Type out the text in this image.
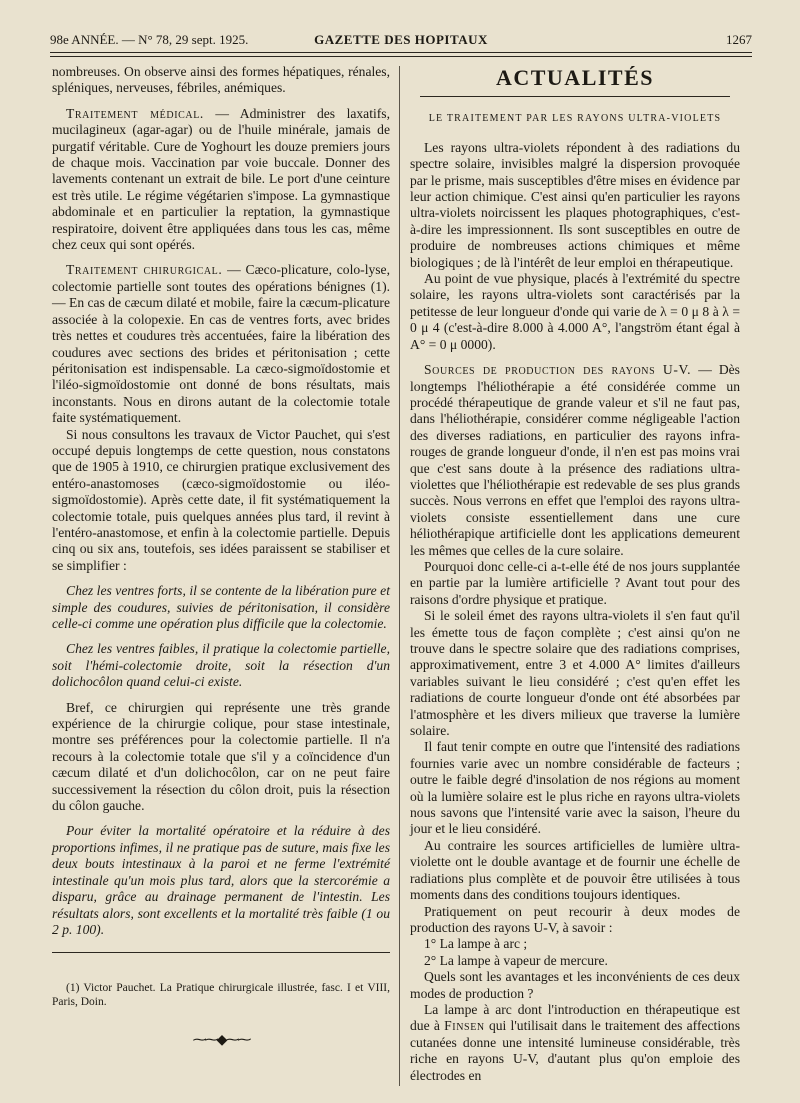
98e ANNÉE. — N° 78, 29 sept. 1925.	GAZETTE DES HOPITAUX	1267

nombreuses. On observe ainsi des formes hépatiques, rénales, spléniques, nerveuses, fébriles, anémiques.

Traitement médical. — Administrer des laxatifs, mucilagineux (agar-agar) ou de l'huile minérale, jamais de purgatif véritable. Cure de Yoghourt les douze premiers jours de chaque mois. Vaccination par voie buccale. Donner des lavements contenant un extrait de bile. Le port d'une ceinture est très utile. Le régime végétarien s'impose. La gymnastique abdominale et en particulier la reptation, la gymnastique respiratoire, doivent être appliquées dans tous les cas, même chez ceux qui sont opérés.

Traitement chirurgical. — Cæco-plicature, colo-lyse, colectomie partielle sont toutes des opérations bénignes (1). — En cas de cæcum dilaté et mobile, faire la cæcum-plicature associée à la colopexie. En cas de ventres forts, avec brides très nettes et coudures très accentuées, faire la libération des coudures avec sections des brides et péritonisation ; cette péritonisation est indispensable. La cæco-sigmoïdostomie et l'iléo-sigmoïdostomie ont donné de bons résultats, mais inconstants. Nous en dirons autant de la colectomie totale faite systématiquement.

Si nous consultons les travaux de Victor Pauchet, qui s'est occupé depuis longtemps de cette question, nous constatons que de 1905 à 1910, ce chirurgien pratique exclusivement des entéro-anastomoses (cæco-sigmoïdostomie ou iléo-sigmoïdostomie). Après cette date, il fit systématiquement la colectomie totale, puis quelques années plus tard, il revint à l'entéro-anastomose, et enfin à la colectomie partielle. Depuis cinq ou six ans, toutefois, ses idées paraissent se stabiliser et se simplifier :

Chez les ventres forts, il se contente de la libération pure et simple des coudures, suivies de péritonisation, il considère celle-ci comme une opération plus difficile que la colectomie.

Chez les ventres faibles, il pratique la colectomie partielle, soit l'hémi-colectomie droite, soit la résection d'un dolichocôlon quand celui-ci existe.

Bref, ce chirurgien qui représente une très grande expérience de la chirurgie colique, pour stase intestinale, montre ses préférences pour la colectomie partielle. Il n'a recours à la colectomie totale que s'il y a coïncidence d'un cæcum dilaté et d'un dolichocôlon, car on ne peut faire successivement la résection du côlon droit, puis la résection du côlon gauche.

Pour éviter la mortalité opératoire et la réduire à des proportions infimes, il ne pratique pas de suture, mais fixe les deux bouts intestinaux à la paroi et ne ferme l'extrémité intestinale qu'un mois plus tard, alors que la stercorémie a disparu, grâce au drainage permanent de l'intestin. Les résultats alors, sont excellents et la mortalité très faible (1 ou 2 p. 100).

(1) Victor Pauchet. La Pratique chirurgicale illustrée, fasc. I et VIII, Paris, Doin.

⁓⁓◆⁓⁓
ACTUALITÉS
LE TRAITEMENT PAR LES RAYONS ULTRA-VIOLETS

Les rayons ultra-violets répondent à des radiations du spectre solaire, invisibles malgré la dispersion provoquée par le prisme, mais susceptibles d'être mises en évidence par leur action chimique. C'est ainsi qu'en particulier les rayons ultra-violets noircissent les plaques photographiques, c'est-à-dire les impressionnent. Ils sont susceptibles en outre de produire de nombreuses actions chimiques et même biologiques ; de là l'intérêt de leur emploi en thérapeutique.

Au point de vue physique, placés à l'extrémité du spectre solaire, les rayons ultra-violets sont caractérisés par la petitesse de leur longueur d'onde qui varie de λ = 0 μ 8 à λ = 0 μ 4 (c'est-à-dire 8.000 à 4.000 A°, l'angström étant égal à A° = 0 μ 0000).

Sources de production des rayons U-V. — Dès longtemps l'héliothérapie a été considérée comme un procédé thérapeutique de grande valeur et s'il ne faut pas, dans l'héliothérapie, considérer comme négligeable l'action des diverses radiations, en particulier des rayons infra-rouges de grande longueur d'onde, il n'en est pas moins vrai que c'est sans doute à la présence des radiations ultra-violettes que l'héliothérapie est redevable de ses plus grands succès. Nous verrons en effet que l'emploi des rayons ultra-violets consiste essentiellement dans une cure héliothérapique artificielle dont les applications demeurent les mêmes que celles de la cure solaire.

Pourquoi donc celle-ci a-t-elle été de nos jours supplantée en partie par la lumière artificielle ? Avant tout pour des raisons d'ordre physique et pratique.

Si le soleil émet des rayons ultra-violets il s'en faut qu'il les émette tous de façon complète ; c'est ainsi qu'on ne trouve dans le spectre solaire que des radiations comprises, approximativement, entre 3 et 4.000 A° limites d'ailleurs variables suivant le lieu considéré ; c'est qu'en effet les radiations de courte longueur d'onde ont été absorbées par l'atmosphère et les divers milieux que traverse la lumière solaire.

Il faut tenir compte en outre que l'intensité des radiations fournies varie avec un nombre considérable de facteurs ; outre le faible degré d'insolation de nos régions au moment où la lumière solaire est le plus riche en rayons ultra-violets nous savons que l'intensité varie avec la saison, l'heure du jour et le lieu considéré.

Au contraire les sources artificielles de lumière ultra-violette ont le double avantage et de fournir une échelle de radiations plus complète et de pouvoir être utilisées à tous moments dans des conditions toujours identiques.

Pratiquement on peut recourir à deux modes de production des rayons U-V, à savoir :

1° La lampe à arc ;

2° La lampe à vapeur de mercure.

Quels sont les avantages et les inconvénients de ces deux modes de production ?

La lampe à arc dont l'introduction en thérapeutique est due à Finsen qui l'utilisait dans le traitement des affections cutanées donne une intensité lumineuse considérable, très riche en rayons U-V, d'autant plus qu'on emploie des électrodes en
